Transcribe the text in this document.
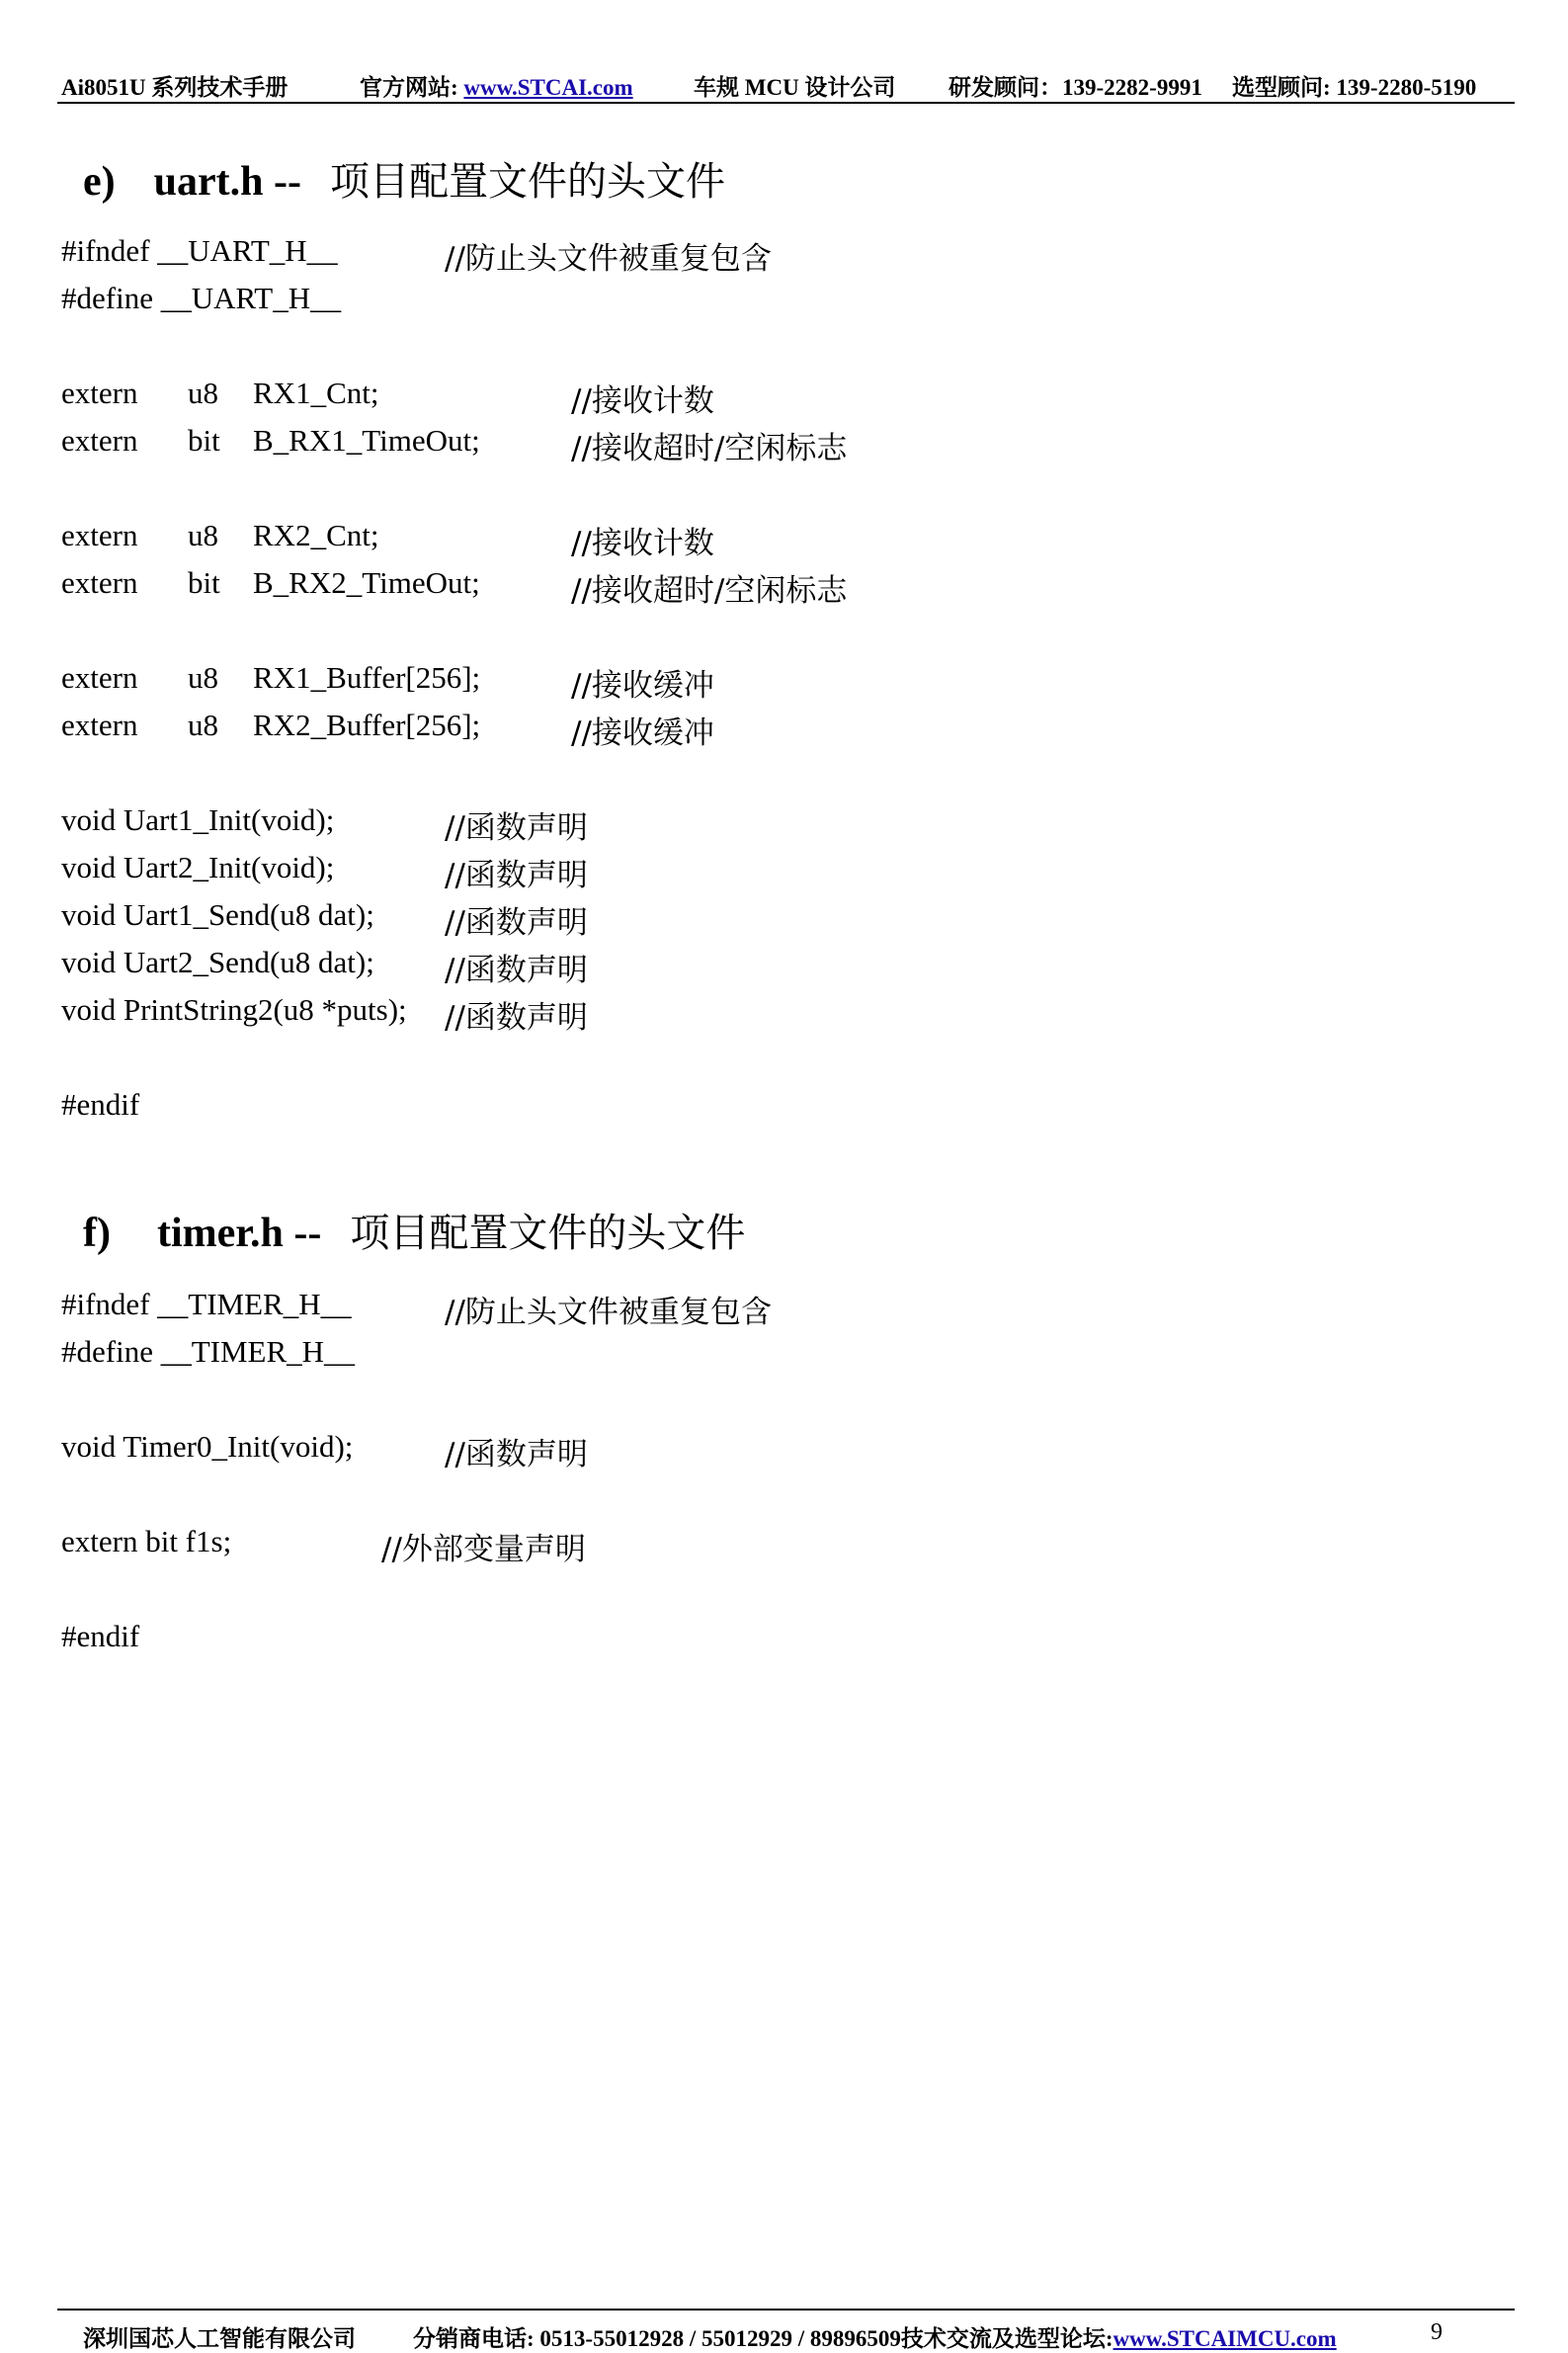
Ai8051U 系列技术手册	官方网站: www.STCAI.com	车规 MCU 设计公司 研发顾问：139-2282-9991 选型顾问: 139-2280-5190
e) uart.h -- 项目配置文件的头文件
#ifndef __UART_H__	//防止头文件被重复包含
#define __UART_H__
extern u8 RX1_Cnt;	//接收计数
extern bit B_RX1_TimeOut;	//接收超时/空闲标志
extern u8 RX2_Cnt;	//接收计数
extern bit B_RX2_TimeOut;	//接收超时/空闲标志
extern u8 RX1_Buffer[256];	//接收缓冲
extern u8 RX2_Buffer[256];	//接收缓冲
void Uart1_Init(void);	//函数声明
void Uart2_Init(void);	//函数声明
void Uart1_Send(u8 dat); //函数声明
void Uart2_Send(u8 dat); //函数声明
void PrintString2(u8 *puts); //函数声明
#endif
f) timer.h -- 项目配置文件的头文件
#ifndef __TIMER_H__	//防止头文件被重复包含
#define __TIMER_H__
void Timer0_Init(void);	//函数声明
extern bit f1s;	//外部变量声明
#endif
深圳国芯人工智能有限公司	分销商电话: 0513-55012928 / 55012929 / 89896509技术交流及选型论坛:www.STCAIMCU.com	9
